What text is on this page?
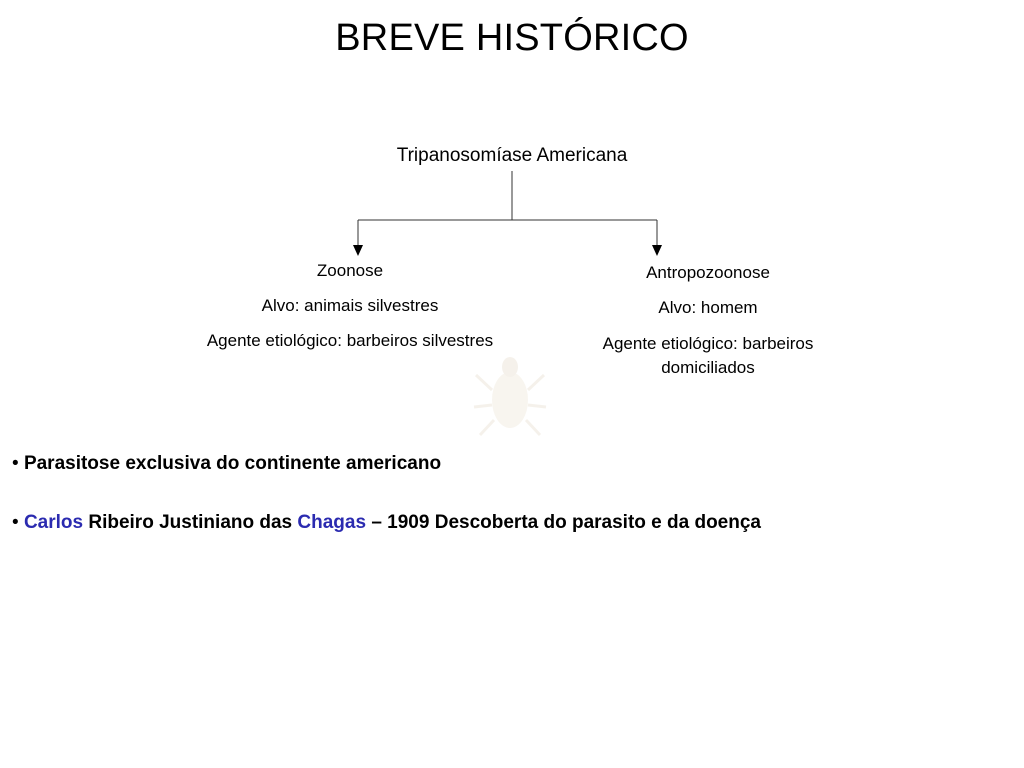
BREVE HISTÓRICO
Tripanosomíase Americana

Zoonose

Alvo: animais silvestres

Agente etiológico: barbeiros silvestres

Antropozoonose

Alvo: homem

Agente etiológico: barbeiros
domiciliados

• Parasitose exclusiva do continente americano
• Carlos Ribeiro Justiniano das Chagas – 1909 Descoberta do parasito e da doença
